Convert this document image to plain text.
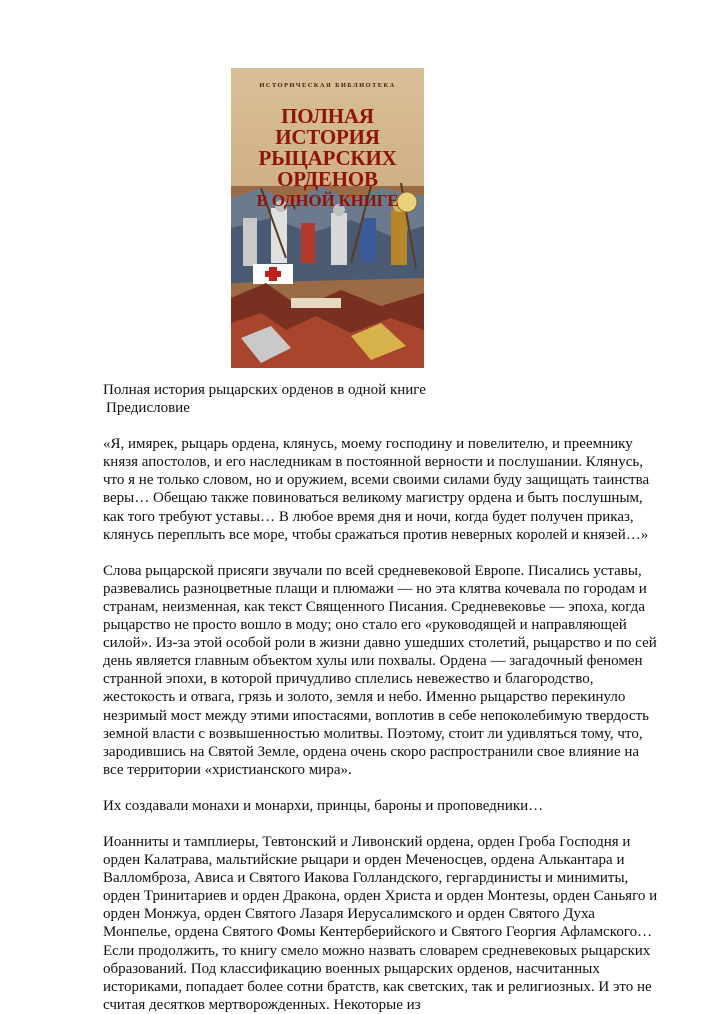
ИСТОРИЧЕСКАЯ БИБЛИОТЕКА
ПОЛНАЯ ИСТОРИЯ
РЫЦАРСКИХ
ОРДЕНОВ
В ОДНОЙ КНИГЕ

Полная история рыцарских орденов в одной книге
Предисловие

«Я, имярек, рыцарь ордена, клянусь, моему господину и повелителю, и преемнику князя апостолов, и его наследникам в постоянной верности и послушании. Клянусь, что я не только словом, но и оружием, всеми своими силами буду защищать таинства веры… Обещаю также повиноваться великому магистру ордена и быть послушным, как того требуют уставы… В любое время дня и ночи, когда будет получен приказ, клянусь переплыть все море, чтобы сражаться против неверных королей и князей…»

Слова рыцарской присяги звучали по всей средневековой Европе. Писались уставы, развевались разноцветные плащи и плюмажи — но эта клятва кочевала по городам и странам, неизменная, как текст Священного Писания. Средневековье — эпоха, когда рыцарство не просто вошло в моду; оно стало его «руководящей и направляющей силой». Из-за этой особой роли в жизни давно ушедших столетий, рыцарство и по сей день является главным объектом хулы или похвалы. Ордена — загадочный феномен странной эпохи, в которой причудливо сплелись невежество и благородство, жестокость и отвага, грязь и золото, земля и небо. Именно рыцарство перекинуло незримый мост между этими ипостасями, воплотив в себе непоколебимую твердость земной власти с возвышенностью молитвы. Поэтому, стоит ли удивляться тому, что, зародившись на Святой Земле, ордена очень скоро распространили свое влияние на все территории «христианского мира».

Их создавали монахи и монархи, принцы, бароны и проповедники…

Иоанниты и тамплиеры, Тевтонский и Ливонский ордена, орден Гроба Господня и орден Калатрава, мальтийские рыцари и орден Меченосцев, ордена Алькантара и Валломброза, Ависа и Святого Иакова Голландского, гергардинисты и минимиты, орден Тринитариев и орден Дракона, орден Христа и орден Монтезы, орден Саньяго и орден Монжуа, орден Святого Лазаря Иерусалимского и орден Святого Духа Монпелье, ордена Святого Фомы Кентерберийского и Святого Георгия Афламского… Если продолжить, то книгу смело можно назвать словарем средневековых рыцарских образований. Под классификацию военных рыцарских орденов, насчитанных историками, попадает более сотни братств, как светских, так и религиозных. И это не считая десятков мертворожденных. Некоторые из
